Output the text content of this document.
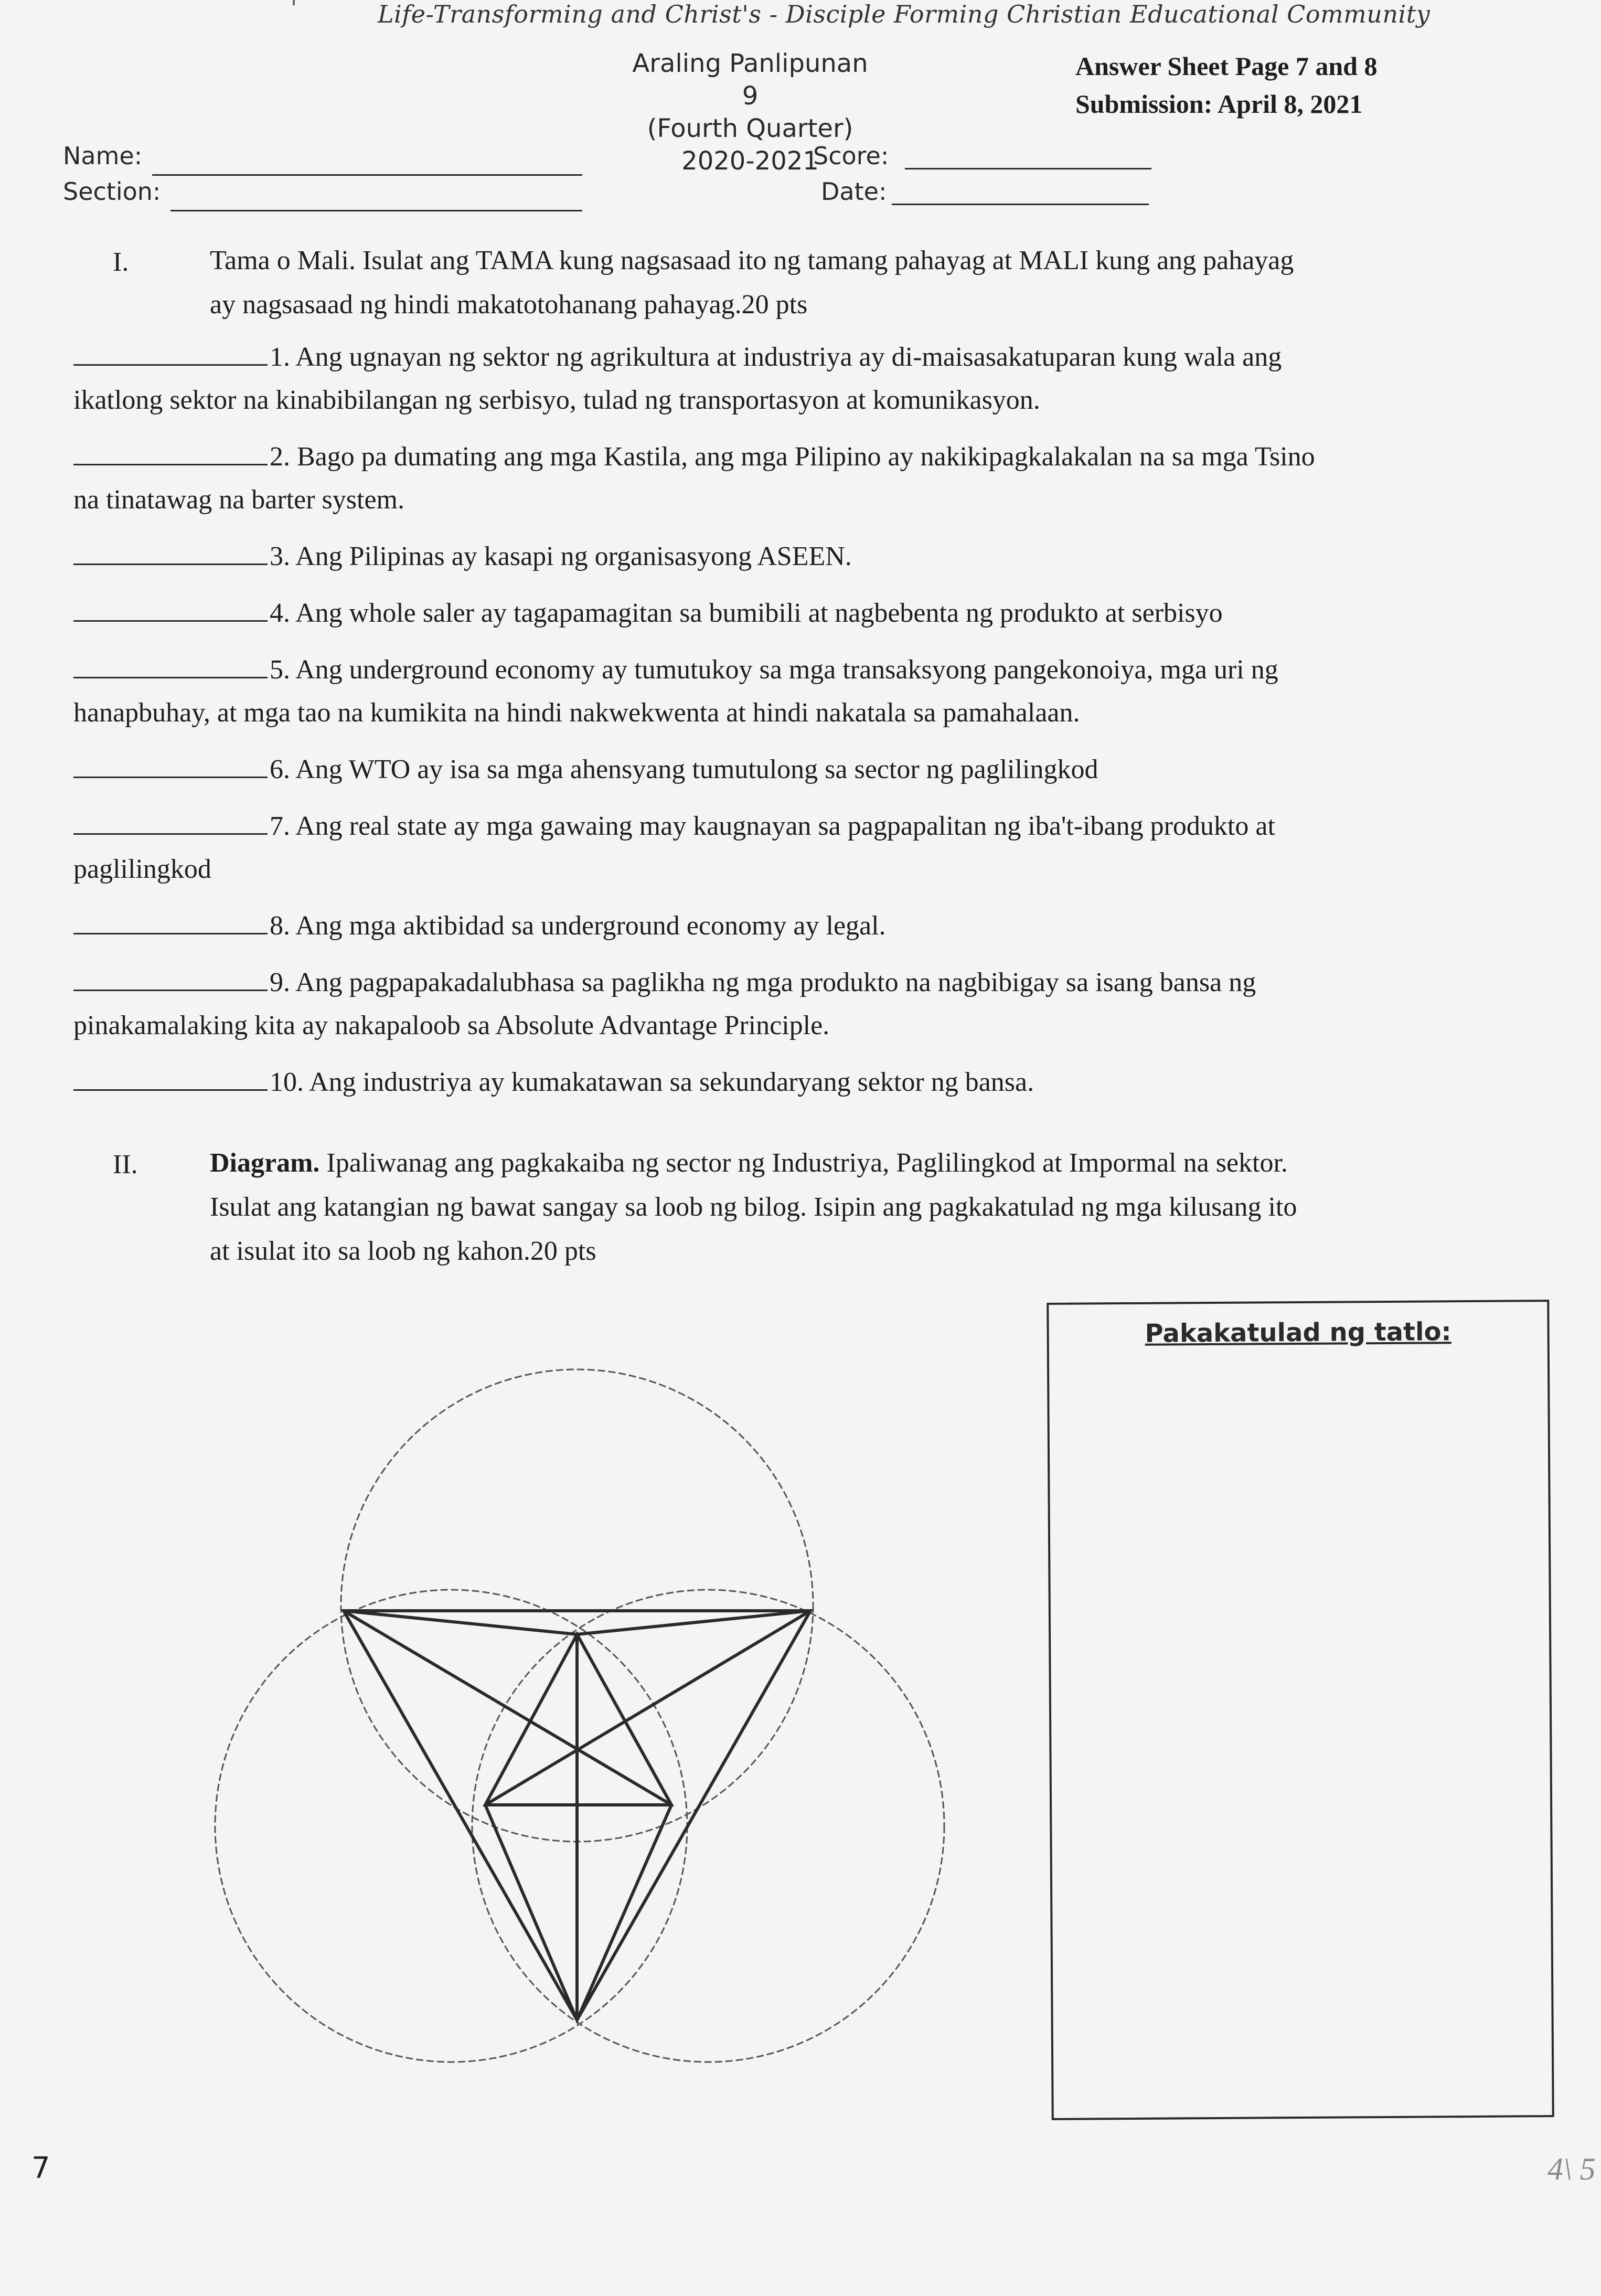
Life-Transforming and Christ's - Disciple Forming Christian Educational Community
Araling Panlipunan 9
(Fourth Quarter)
2020-2021
Answer Sheet Page 7 and 8
Submission: April 8, 2021
Name:
Section:
Score:
Date:
I.	Tama o Mali. Isulat ang TAMA kung nagsasaad ito ng tamang pahayag at MALI kung ang pahayag
ay nagsasaad ng hindi makatotohanang pahayag.20 pts
1. Ang ugnayan ng sektor ng agrikultura at industriya ay di-maisasakatuparan kung wala ang
ikatlong sektor na kinabibilangan ng serbisyo, tulad ng transportasyon at komunikasyon.
2. Bago pa dumating ang mga Kastila, ang mga Pilipino ay nakikipagkalakalan na sa mga Tsino
na tinatawag na barter system.
3. Ang Pilipinas ay kasapi ng organisasyong ASEEN.
4. Ang whole saler ay tagapamagitan sa bumibili at nagbebenta ng produkto at serbisyo
5. Ang underground economy ay tumutukoy sa mga transaksyong pangekonoiya, mga uri ng
hanapbuhay, at mga tao na kumikita na hindi nakwekwenta at hindi nakatala sa pamahalaan.
6. Ang WTO ay isa sa mga ahensyang tumutulong sa sector ng paglilingkod
7. Ang real state ay mga gawaing may kaugnayan sa pagpapalitan ng iba't-ibang produkto at
paglilingkod
8. Ang mga aktibidad sa underground economy ay legal.
9. Ang pagpapakadalubhasa sa paglikha ng mga produkto na nagbibigay sa isang bansa ng
pinakamalaking kita ay nakapaloob sa Absolute Advantage Principle.
10. Ang industriya ay kumakatawan sa sekundaryang sektor ng bansa.
II.	Diagram. Ipaliwanag ang pagkakaiba ng sector ng Industriya, Paglilingkod at Impormal na sektor.
Isulat ang katangian ng bawat sangay sa loob ng bilog. Isipin ang pagkakatulad ng mga kilusang ito
at isulat ito sa loob ng kahon.20 pts
Pakakatulad ng tatlo:
7	4\ 5
